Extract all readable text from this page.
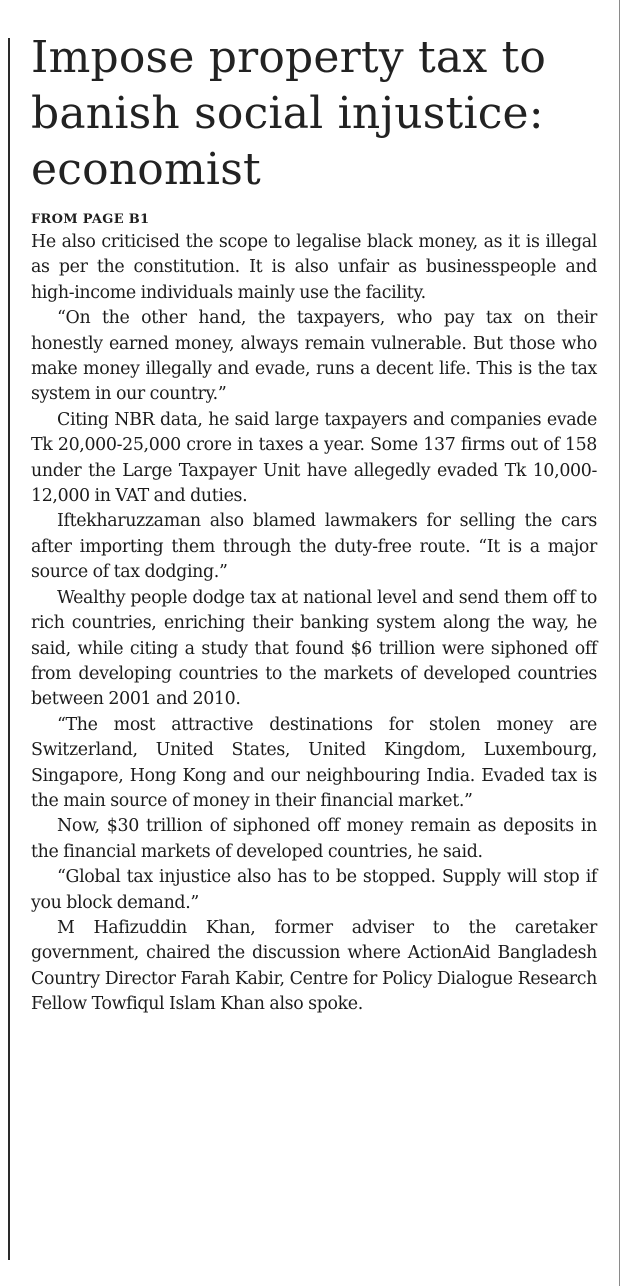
Impose property tax to banish social injustice: economist
FROM PAGE B1

He also criticised the scope to legalise black money, as it is illegal as per the constitution. It is also unfair as businesspeople and high-income individuals mainly use the facility.

“On the other hand, the taxpayers, who pay tax on their honestly earned money, always remain vulnerable. But those who make money illegally and evade, runs a decent life. This is the tax system in our country.”

Citing NBR data, he said large taxpayers and companies evade Tk 20,000-25,000 crore in taxes a year. Some 137 firms out of 158 under the Large Taxpayer Unit have allegedly evaded Tk 10,000-12,000 in VAT and duties.

Iftekharuzzaman also blamed lawmakers for selling the cars after importing them through the duty-free route. “It is a major source of tax dodging.”

Wealthy people dodge tax at national level and send them off to rich countries, enriching their banking system along the way, he said, while citing a study that found $6 trillion were siphoned off from developing countries to the markets of developed countries between 2001 and 2010.

“The most attractive destinations for stolen money are Switzerland, United States, United Kingdom, Luxembourg, Singapore, Hong Kong and our neighbouring India. Evaded tax is the main source of money in their financial market.”

Now, $30 trillion of siphoned off money remain as deposits in the financial markets of developed countries, he said.

“Global tax injustice also has to be stopped. Supply will stop if you block demand.”

M Hafizuddin Khan, former adviser to the caretaker government, chaired the discussion where ActionAid Bangladesh Country Director Farah Kabir, Centre for Policy Dialogue Research Fellow Towfiqul Islam Khan also spoke.
